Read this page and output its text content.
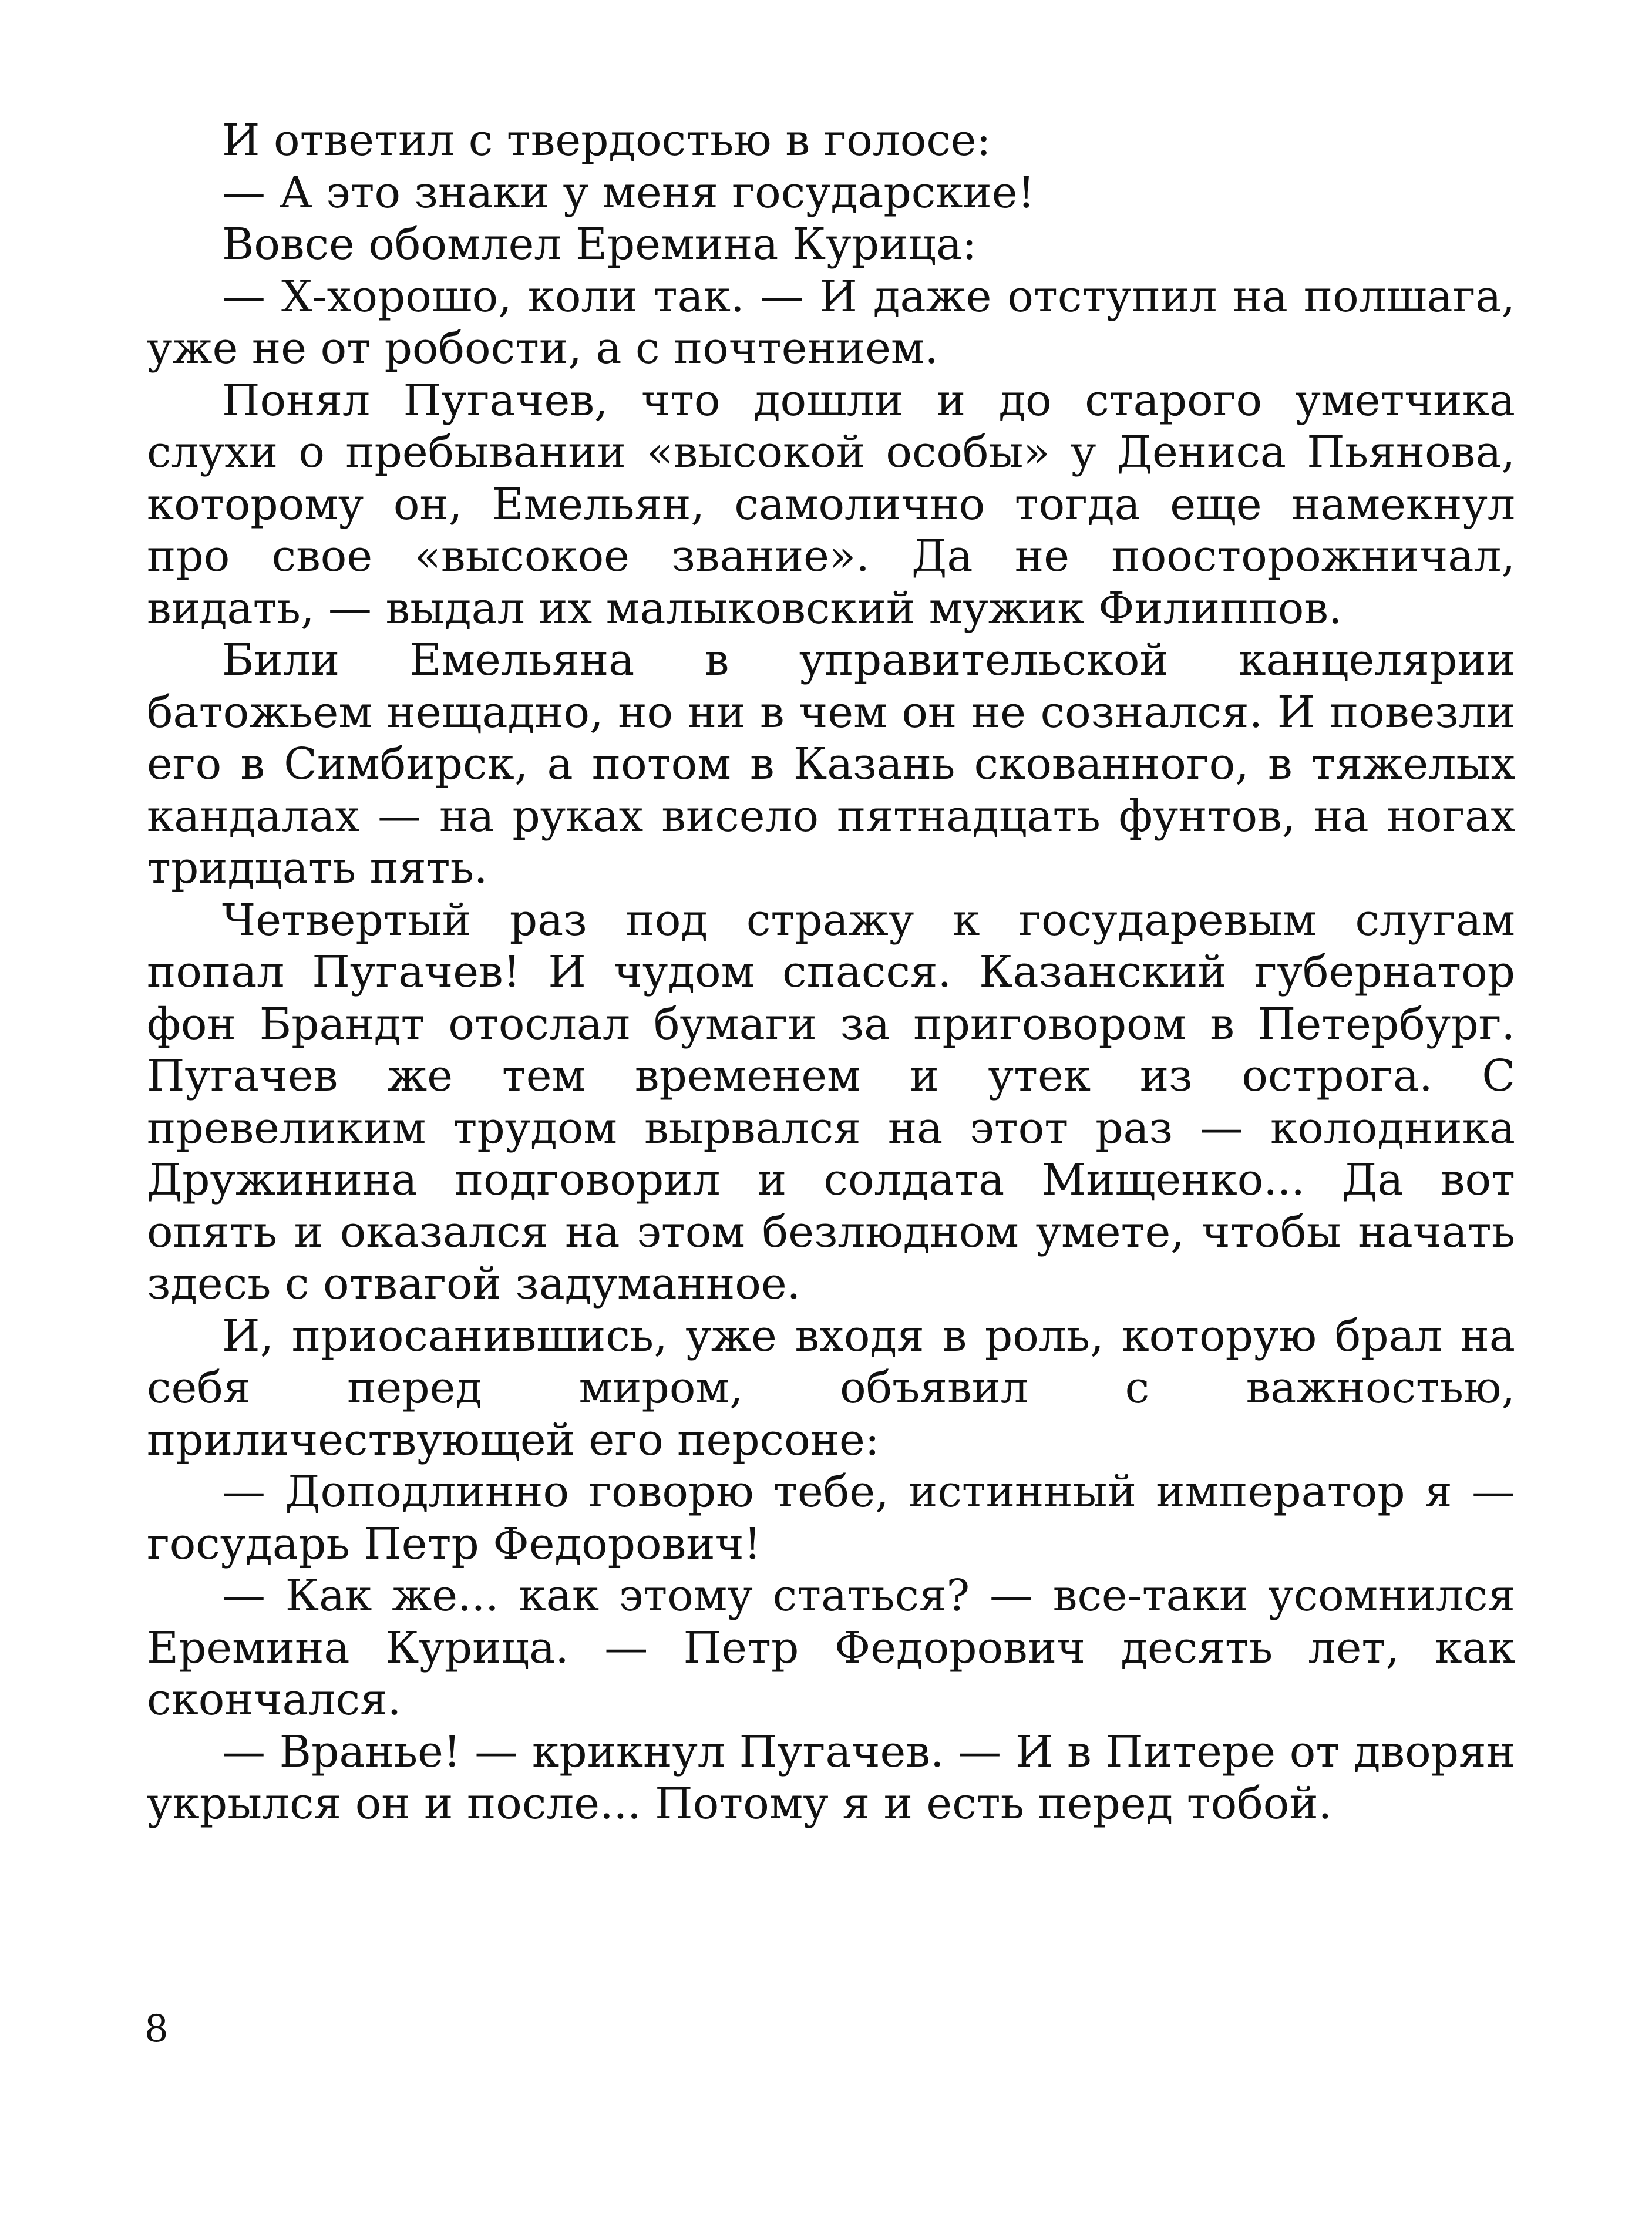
И ответил с твердостью в голосе:

— А это знаки у меня государские!

Вовсе обомлел Еремина Курица:

— Х-хорошо, коли так. — И даже отступил на полшага, уже не от робости, а с почтением.

Понял Пугачев, что дошли и до старого уметчика слухи о пребывании «высокой особы» у Дениса Пьянова, которому он, Емельян, самолично тогда еще намекнул про свое «высокое звание». Да не поосторожничал, видать, — выдал их малыковский мужик Филиппов.

Били Емельяна в управительской канцелярии батожьем нещадно, но ни в чем он не сознался. И повезли его в Симбирск, а потом в Казань скованного, в тяжелых кандалах — на руках висело пятнадцать фунтов, на ногах тридцать пять.

Четвертый раз под стражу к государевым слугам попал Пугачев! И чудом спасся. Казанский губернатор фон Брандт отослал бумаги за приговором в Петербург. Пугачев же тем временем и утек из острога. С превеликим трудом вырвался на этот раз — колодника Дружинина подговорил и солдата Мищенко... Да вот опять и оказался на этом безлюдном умете, чтобы начать здесь с отвагой задуманное.

И, приосанившись, уже входя в роль, которую брал на себя перед миром, объявил с важностью, приличествующей его персоне:

— Доподлинно говорю тебе, истинный император я — государь Петр Федорович!

— Как же... как этому статься? — все-таки усомнился Еремина Курица. — Петр Федорович десять лет, как скончался.

— Вранье! — крикнул Пугачев. — И в Питере от дворян укрылся он и после... Потому я и есть перед тобой.

8
